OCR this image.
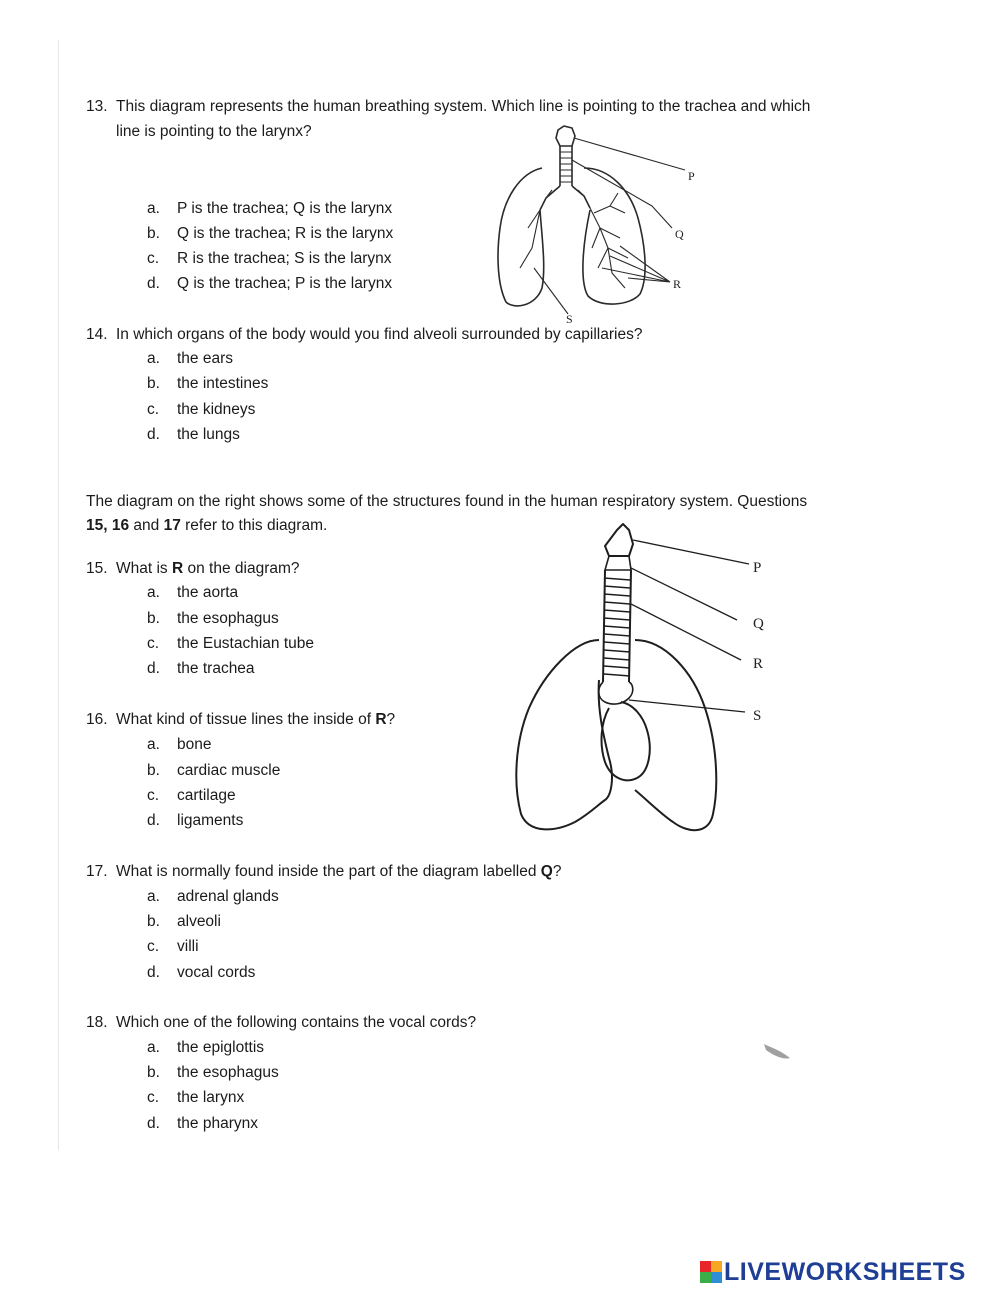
13. This diagram represents the human breathing system. Which line is pointing to the trachea and which
line is pointing to the larynx?
a. P is the trachea; Q is the larynx
b. Q is the trachea; R is the larynx
c. R is the trachea; S is the larynx
d. Q is the trachea; P is the larynx
P
Q
R
S
14. In which organs of the body would you find alveoli surrounded by capillaries?
a. the ears
b. the intestines
c. the kidneys
d. the lungs
The diagram on the right shows some of the structures found in the human respiratory system. Questions
15, 16 and 17 refer to this diagram.
P
Q
R
S
15. What is R on the diagram?
a. the aorta
b. the esophagus
c. the Eustachian tube
d. the trachea
16. What kind of tissue lines the inside of R?
a. bone
b. cardiac muscle
c. cartilage
d. ligaments
17. What is normally found inside the part of the diagram labelled Q?
a. adrenal glands
b. alveoli
c. villi
d. vocal cords
18. Which one of the following contains the vocal cords?
a. the epiglottis
b. the esophagus
c. the larynx
d. the pharynx
LIVEWORKSHEETS
